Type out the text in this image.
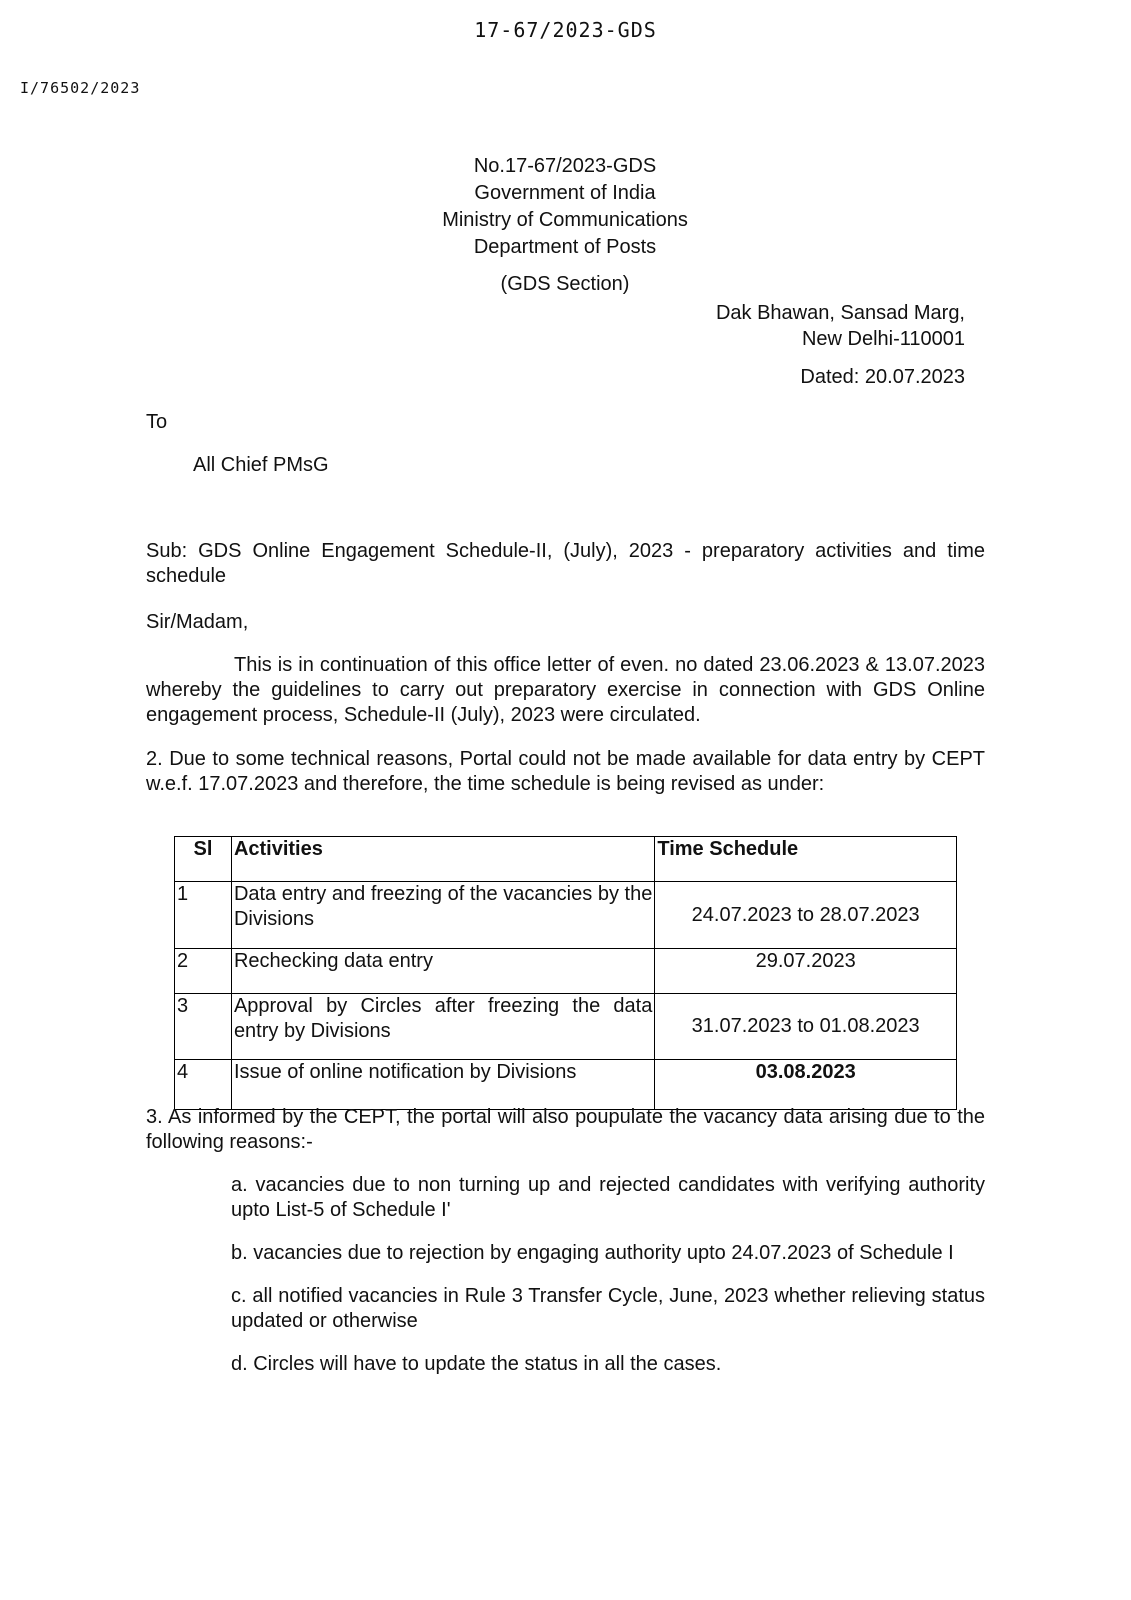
17-67/2023-GDS
I/76502/2023
No.17-67/2023-GDS
Government of India
Ministry of Communications
Department of Posts
(GDS Section)
Dak Bhawan, Sansad Marg,
New Delhi-110001
Dated: 20.07.2023
To
All Chief PMsG
Sub: GDS Online Engagement Schedule-II, (July), 2023 - preparatory activities and time schedule
Sir/Madam,
This is in continuation of this office letter of even. no dated 23.06.2023 & 13.07.2023 whereby the guidelines to carry out preparatory exercise in connection with GDS Online engagement process, Schedule-II (July), 2023 were circulated.
2. Due to some technical reasons, Portal could not be made available for data entry by CEPT w.e.f. 17.07.2023 and therefore, the time schedule is being revised as under:
Sl	Activities	Time Schedule
1	Data entry and freezing of the vacancies by the Divisions	24.07.2023 to 28.07.2023
2	Rechecking data entry	29.07.2023
3	Approval by Circles after freezing the data entry by Divisions	31.07.2023 to 01.08.2023
4	Issue of online notification by Divisions	03.08.2023
3. As informed by the CEPT, the portal will also poupulate the vacancy data arising due to the following reasons:-
a. vacancies due to non turning up and rejected candidates with verifying authority upto List-5 of Schedule I'
b. vacancies due to rejection by engaging authority upto 24.07.2023 of Schedule I
c. all notified vacancies in Rule 3 Transfer Cycle, June, 2023 whether relieving status updated or otherwise
d. Circles will have to update the status in all the cases.
